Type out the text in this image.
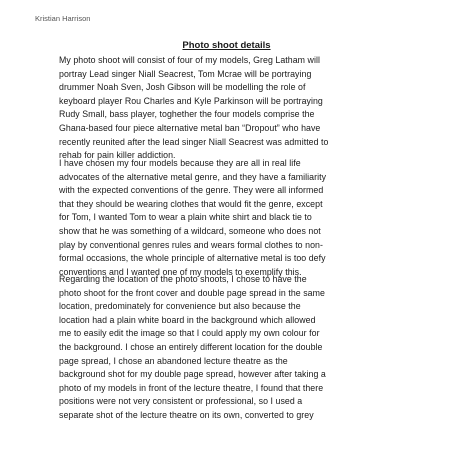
Kristian Harrison
Photo shoot details
My photo shoot will consist of four of my models, Greg Latham will
portray Lead singer Niall Seacrest, Tom Mcrae will be portraying
drummer Noah Sven, Josh Gibson will be modelling the role of
keyboard player Rou Charles and Kyle Parkinson will be portraying
Rudy Small, bass player, toghether the four models comprise the
Ghana-based four piece alternative metal ban “Dropout” who have
recently reunited after the lead singer Niall Seacrest was admitted to
rehab for pain killer addiction.
I have chosen my four models because they are all in real life
advocates of the alternative metal genre, and they have a familiarity
with the expected conventions of the genre. They were all informed
that they should be wearing clothes that would fit the genre, except
for Tom, I wanted Tom to wear a plain white shirt and black tie to
show that he was something of a wildcard, someone who does not
play by conventional genres rules and wears formal clothes to non-
formal occasions, the whole principle of alternative metal is too defy
conventions and I wanted one of my models to exemplify this.
Regarding the location of the photo shoots, I chose to have the
photo shoot for the front cover and double page spread in the same
location, predominately for convenience but also because the
location had a plain white board in the background which allowed
me to easily edit the image so that I could apply my own colour for
the background. I chose an entirely different location for the double
page spread, I chose an abandoned lecture theatre as the
background shot for my double page spread, however after taking a
photo of my models in front of the lecture theatre, I found that there
positions were not very consistent or professional, so I used a
separate shot of the lecture theatre on its own, converted to grey
